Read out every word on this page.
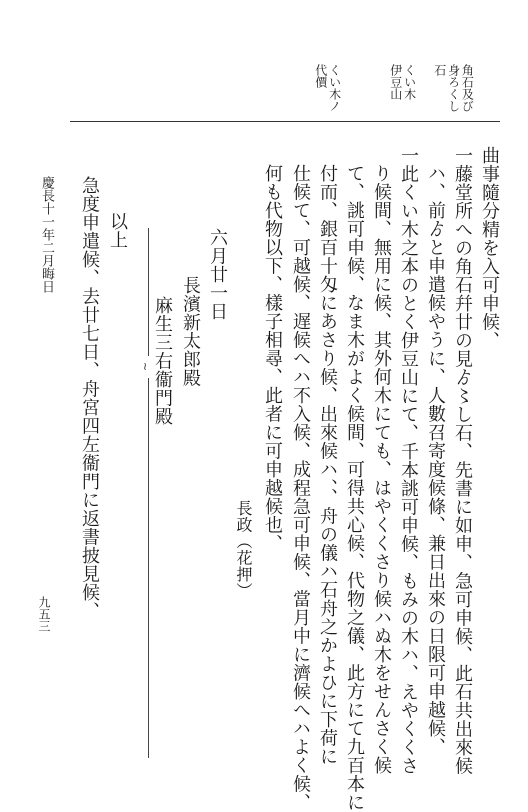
角石及び
身ろくし
石
くい木
伊豆山
くい木ノ
代價
曲事隨分精を入可申候、
一藤堂所への角石幷廿の見ゟ〻し石、先書に如申、急可申候、此石共出來候
ハ、前ゟと申遣候やうに、人數召寄度候條、兼日出來の日限可申越候、
一此くい木之本のとく伊豆山にて、千本誂可申候、もみの木ハ、えやくくさ
り候間、無用に候、其外何木にても、はやくくさり候ハぬ木をせんさく候
て、誂可申候、なま木がよく候間、可得共心候、代物之儀、此方にて九百本に
付而、銀百十匁にあさり候、出來候ハ、、舟の儀ハ石舟之かよひに下荷に
仕候て、可越候、遅候へハ不入候、成程急可申候、當月中に濟候へハよく候、
何も代物以下、樣子相尋、此者に可申越候也、
長政（花押）
六月廿一日
長濱新太郎殿
麻生三右衞門殿
≀
以上
急度申遣候、去廿七日、舟宮四左衞門に返書披見候、
慶長十一年二月晦日
九五三
